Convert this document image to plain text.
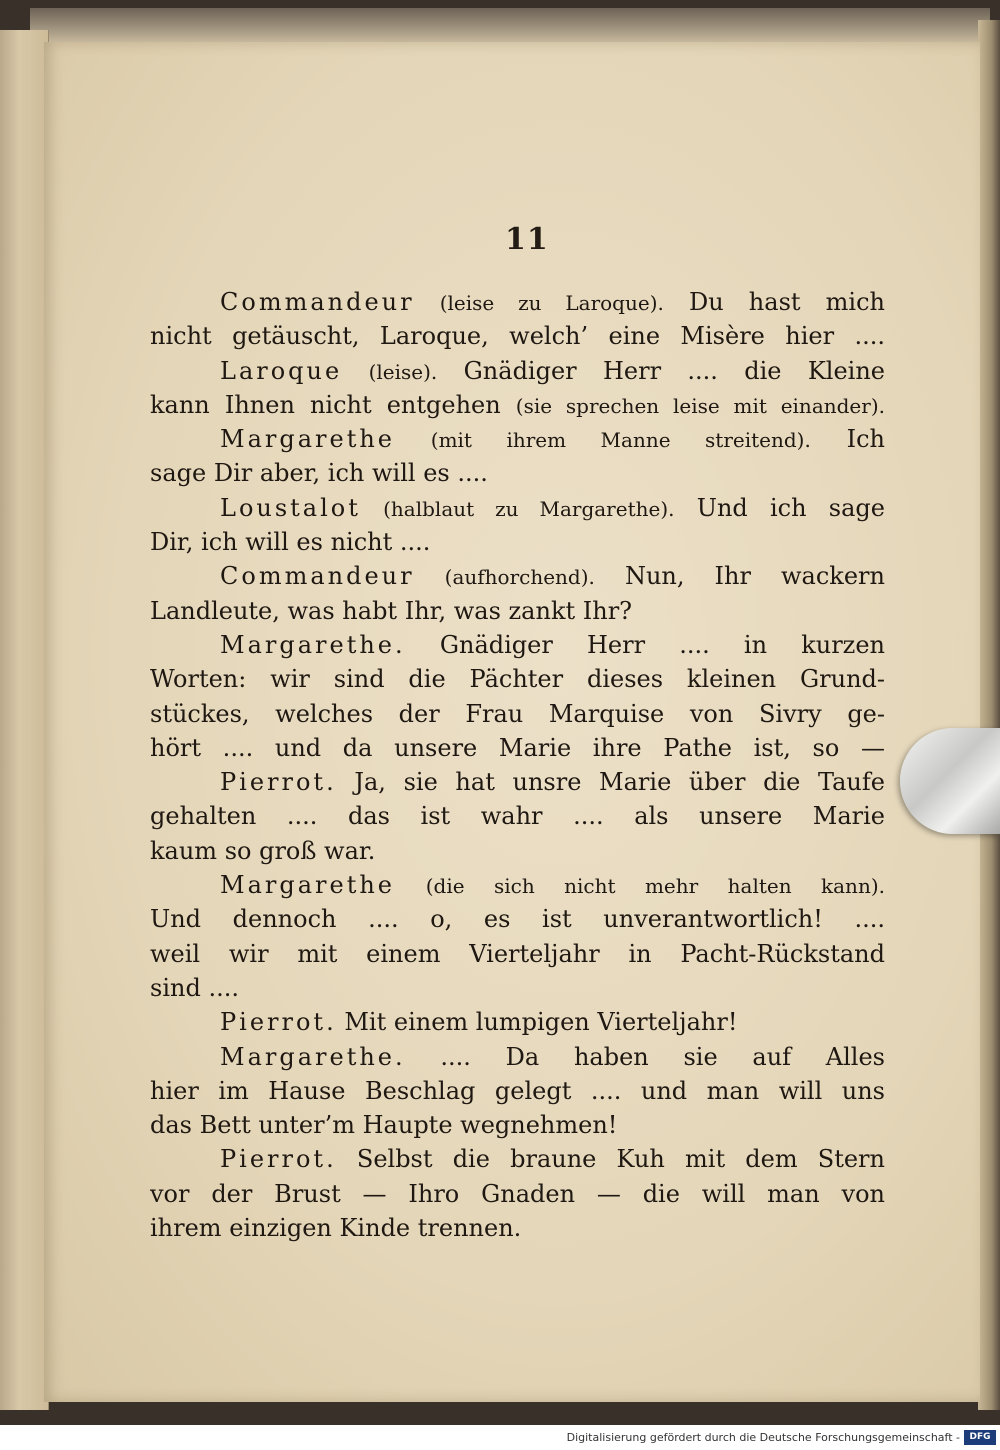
11
Commandeur (leise zu Laroque). Du hast mich
nicht getäuscht, Laroque, welch’ eine Misère hier ....
Laroque (leise). Gnädiger Herr .... die Kleine
kann Ihnen nicht entgehen (sie sprechen leise mit einander).
Margarethe (mit ihrem Manne streitend). Ich
sage Dir aber, ich will es ....
Loustalot (halblaut zu Margarethe). Und ich sage
Dir, ich will es nicht ....
Commandeur (aufhorchend). Nun, Ihr wackern
Landleute, was habt Ihr, was zankt Ihr?
Margarethe. Gnädiger Herr .... in kurzen
Worten: wir sind die Pächter dieses kleinen Grund-
stückes, welches der Frau Marquise von Sivry ge-
hört .... und da unsere Marie ihre Pathe ist, so —
Pierrot. Ja, sie hat unsre Marie über die Taufe
gehalten .... das ist wahr .... als unsere Marie
kaum so groß war.
Margarethe (die sich nicht mehr halten kann).
Und dennoch .... o, es ist unverantwortlich! ....
weil wir mit einem Vierteljahr in Pacht-Rückstand
sind ....
Pierrot. Mit einem lumpigen Vierteljahr!
Margarethe. .... Da haben sie auf Alles
hier im Hause Beschlag gelegt .... und man will uns
das Bett unter’m Haupte wegnehmen!
Pierrot. Selbst die braune Kuh mit dem Stern
vor der Brust — Ihro Gnaden — die will man von
ihrem einzigen Kinde trennen.
Digitalisierung gefördert durch die Deutsche Forschungsgemeinschaft -	DFG
